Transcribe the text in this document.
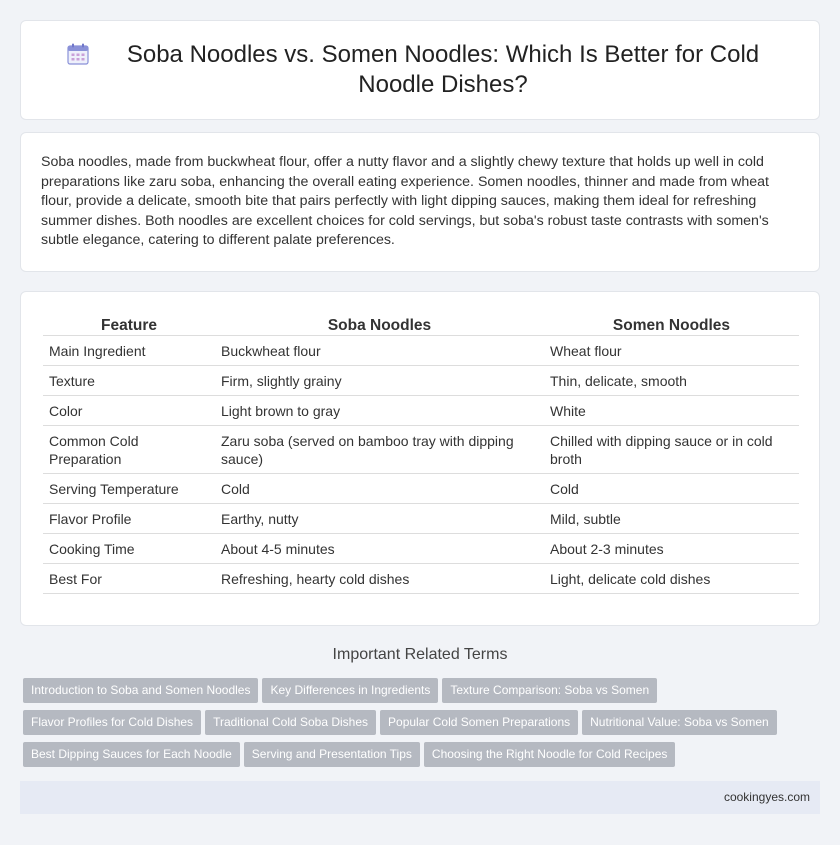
Soba Noodles vs. Somen Noodles: Which Is Better for Cold Noodle Dishes?

Soba noodles, made from buckwheat flour, offer a nutty flavor and a slightly chewy texture that holds up well in cold preparations like zaru soba, enhancing the overall eating experience. Somen noodles, thinner and made from wheat flour, provide a delicate, smooth bite that pairs perfectly with light dipping sauces, making them ideal for refreshing summer dishes. Both noodles are excellent choices for cold servings, but soba's robust taste contrasts with somen's subtle elegance, catering to different palate preferences.

Feature	Soba Noodles	Somen Noodles
Main Ingredient	Buckwheat flour	Wheat flour
Texture	Firm, slightly grainy	Thin, delicate, smooth
Color	Light brown to gray	White
Common Cold Preparation	Zaru soba (served on bamboo tray with dipping sauce)	Chilled with dipping sauce or in cold broth
Serving Temperature	Cold	Cold
Flavor Profile	Earthy, nutty	Mild, subtle
Cooking Time	About 4-5 minutes	About 2-3 minutes
Best For	Refreshing, hearty cold dishes	Light, delicate cold dishes
Important Related Terms
Introduction to Soba and Somen Noodles Key Differences in Ingredients Texture Comparison: Soba vs Somen
Flavor Profiles for Cold Dishes Traditional Cold Soba Dishes Popular Cold Somen Preparations Nutritional Value: Soba vs Somen
Best Dipping Sauces for Each Noodle Serving and Presentation Tips Choosing the Right Noodle for Cold Recipes
cookingyes.com
